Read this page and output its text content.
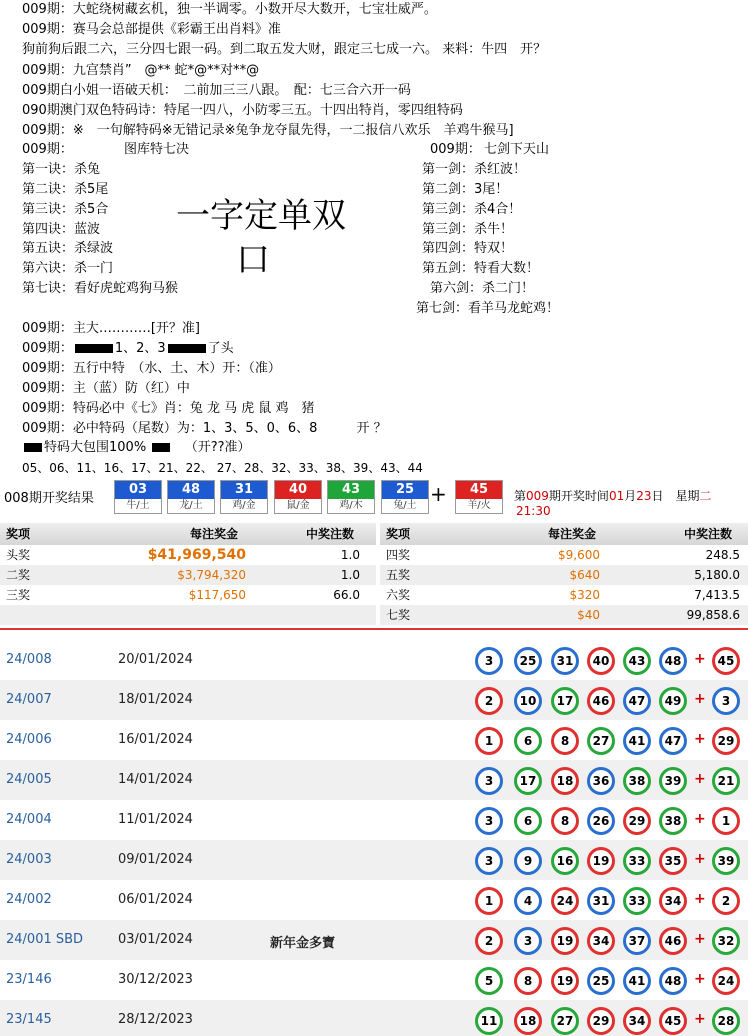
009期：大蛇绕树藏玄机，独一半调零。小数开尽大数开，七宝壮威严。
009期：赛马会总部提供《彩霸王出肖料》准
狗前狗后跟二六，三分四七跟一码。到二取五发大财，跟定三七成一六。 来料：牛四　开？
009期：九宫禁肖”　@** 蛇*@**对**@
009期白小姐一语破天机：　二前加三三八跟。　配：七三合六开一码
090期澳门双色特码诗：特尾一四八，小防零三五。十四出特肖，零四组特码
009期：※　一句解特码※无错记录※兔争龙夺鼠先得，一二报信八欢乐　羊鸡牛猴马]
009期：	图库特七决
第一诀：杀兔
第二诀：杀5尾
第三诀：杀5合
第四诀：蓝波
第五诀：杀绿波
第六诀：杀一门
第七诀：看好虎蛇鸡狗马猴
一字定单双
口
009期： 七剑下天山
第一剑：杀红波！
第二剑：3尾！
第三剑：杀4合！
第三剑：杀牛！
第四剑：特双！
第五剑：特看大数！
第六剑：杀二门！
第七剑：看羊马龙蛇鸡！
009期：主大…………[开？准]
009期：	1、2、3	了头
009期：五行中特　（水、土、木）开：（准）
009期：主（蓝）防（红）中
009期：特码必中《七》肖：兔 龙 马 虎 鼠 鸡　猪
009期：必中特码（尾数）为：1、3、5、0、6、8　　　开 ？
特码大包围100%	（开??准）
05、06、11、16、17、21、22、 27、28、32、33、38、39、43、44
008期开奖结果
03
牛/土
48
龙/土
31
鸡/金
40
鼠/金
43
鸡/木
25
兔/土 +	45
羊/火
第009期开奖时间01月23日　星期二21:30
奖项	每注奖金	中奖注数	奖项	每注奖金	中奖注数
头奖	$41,969,540	1.0 四奖	$9,600	248.5
二奖	$3,794,320	1.0 五奖	$640	5,180.0
三奖	$117,650	66.0 六奖	$320	7,413.5
七奖	$40	99,858.6
24/008	20/01/2024	3	25	31	40	43	48 + 45
24/007	18/01/2024	2	10	17	46	47	49 +	3
24/006	16/01/2024	1	6	8	27	41	47 + 29
24/005	14/01/2024	3	17	18	36	38	39 + 21
24/004	11/01/2024	3	6	8	26	29	38 +	1
24/003	09/01/2024	3	9	16	19	33	35 + 39
24/002	06/01/2024	1	4	24	31	33	34 +	2
24/001 SBD	03/01/2024	新年金多寶	2	3	19	34	37	46 + 32
23/146	30/12/2023	5	8	19	25	41	48 + 24
23/145	28/12/2023	11	18	27	29	34	45 + 28
